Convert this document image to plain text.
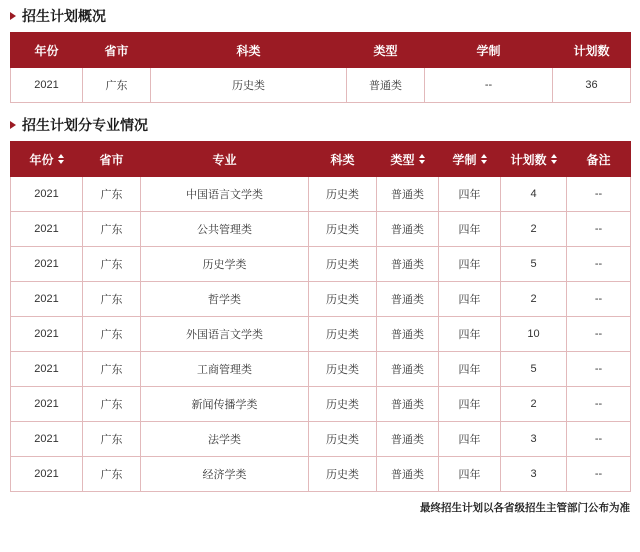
招生计划概况
年份	省市	科类	类型	学制	计划数
2021	广东	历史类	普通类	--	36
招生计划分专业情况
年份	省市	专业	科类	类型	学制	计划数	备注

2021	广东	中国语言文学类	历史类	普通类	四年	4	--
2021	广东	公共管理类	历史类	普通类	四年	2	--
2021	广东	历史学类	历史类	普通类	四年	5	--
2021	广东	哲学类	历史类	普通类	四年	2	--
2021	广东	外国语言文学类	历史类	普通类	四年	10	--
2021	广东	工商管理类	历史类	普通类	四年	5	--
2021	广东	新闻传播学类	历史类	普通类	四年	2	--
2021	广东	法学类	历史类	普通类	四年	3	--
2021	广东	经济学类	历史类	普通类	四年	3	--
最终招生计划以各省级招生主管部门公布为准
